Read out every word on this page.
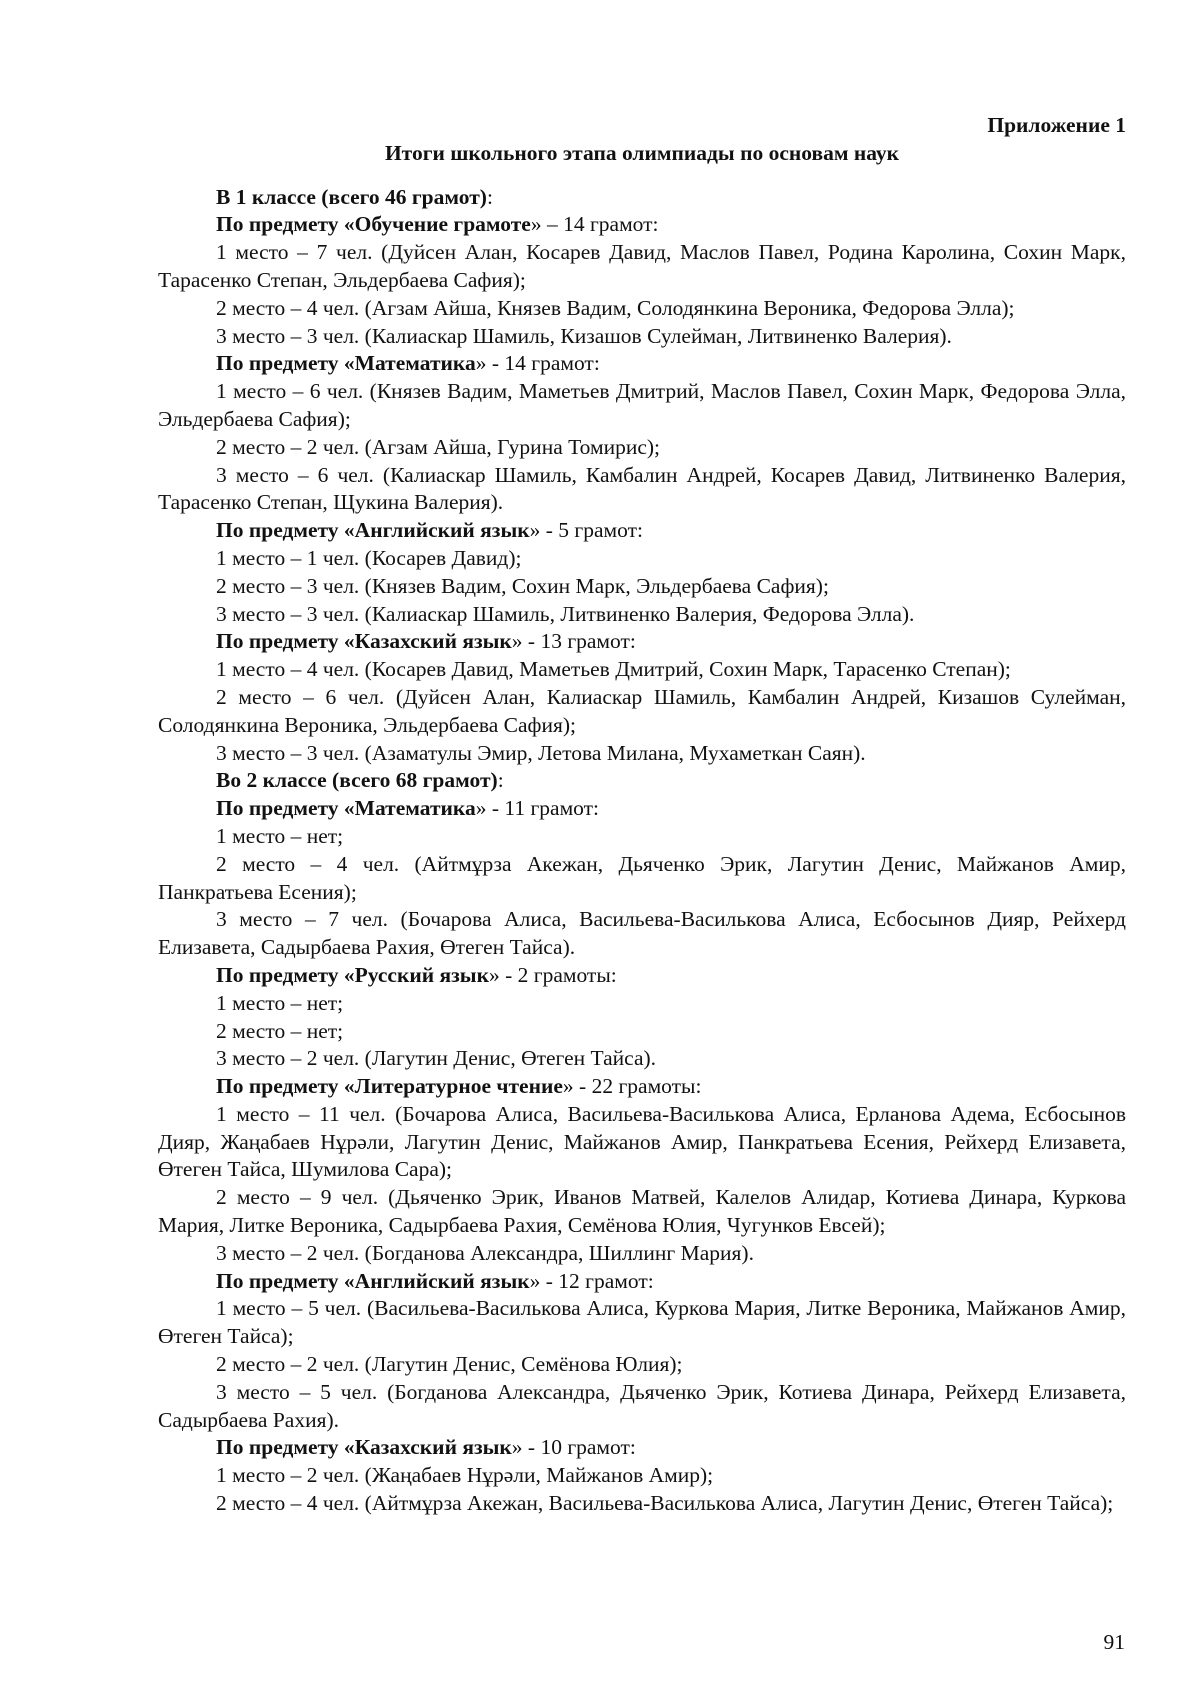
Приложение 1

Итоги школьного этапа олимпиады по основам наук

В 1 классе (всего 46 грамот):

По предмету «Обучение грамоте» – 14 грамот:

1 место – 7 чел. (Дуйсен Алан, Косарев Давид, Маслов Павел, Родина Каролина, Сохин Марк, Тарасенко Степан, Эльдербаева Сафия);

2 место – 4 чел. (Агзам Айша, Князев Вадим, Солодянкина Вероника, Федорова Элла);

3 место – 3 чел. (Калиаскар Шамиль, Кизашов Сулейман, Литвиненко Валерия).

По предмету «Математика» - 14 грамот:

1 место – 6 чел. (Князев Вадим, Маметьев Дмитрий, Маслов Павел, Сохин Марк, Федорова Элла, Эльдербаева Сафия);

2 место – 2 чел. (Агзам Айша, Гурина Томирис);

3 место – 6 чел. (Калиаскар Шамиль, Камбалин Андрей, Косарев Давид, Литвиненко Валерия, Тарасенко Степан, Щукина Валерия).

По предмету «Английский язык» - 5 грамот:

1 место – 1 чел. (Косарев Давид);

2 место – 3 чел. (Князев Вадим, Сохин Марк, Эльдербаева Сафия);

3 место – 3 чел. (Калиаскар Шамиль, Литвиненко Валерия, Федорова Элла).

По предмету «Казахский язык» - 13 грамот:

1 место – 4 чел. (Косарев Давид, Маметьев Дмитрий, Сохин Марк, Тарасенко Степан);

2 место – 6 чел. (Дуйсен Алан, Калиаскар Шамиль, Камбалин Андрей, Кизашов Сулейман, Солодянкина Вероника, Эльдербаева Сафия);

3 место – 3 чел. (Азаматулы Эмир, Летова Милана, Мухаметкан Саян).

Во 2 классе (всего 68 грамот):

По предмету «Математика» - 11 грамот:

1 место – нет;

2 место – 4 чел. (Айтмұрза Акежан, Дьяченко Эрик, Лагутин Денис, Майжанов Амир, Панкратьева Есения);

3 место – 7 чел. (Бочарова Алиса, Васильева-Василькова Алиса, Есбосынов Дияр, Рейхерд Елизавета, Садырбаева Рахия, Өтеген Тайса).

По предмету «Русский язык» - 2 грамоты:

1 место – нет;

2 место – нет;

3 место – 2 чел. (Лагутин Денис, Өтеген Тайса).

По предмету «Литературное чтение» - 22 грамоты:

1 место – 11 чел. (Бочарова Алиса, Васильева-Василькова Алиса, Ерланова Адема, Есбосынов Дияр, Жаңабаев Нұрәли, Лагутин Денис, Майжанов Амир, Панкратьева Есения, Рейхерд Елизавета, Өтеген Тайса, Шумилова Сара);

2 место – 9 чел. (Дьяченко Эрик, Иванов Матвей, Калелов Алидар, Котиева Динара, Куркова Мария, Литке Вероника, Садырбаева Рахия, Семёнова Юлия, Чугунков Евсей);

3 место – 2 чел. (Богданова Александра, Шиллинг Мария).

По предмету «Английский язык» - 12 грамот:

1 место – 5 чел. (Васильева-Василькова Алиса, Куркова Мария, Литке Вероника, Майжанов Амир, Өтеген Тайса);

2 место – 2 чел. (Лагутин Денис, Семёнова Юлия);

3 место – 5 чел. (Богданова Александра, Дьяченко Эрик, Котиева Динара, Рейхерд Елизавета, Садырбаева Рахия).

По предмету «Казахский язык» - 10 грамот:

1 место – 2 чел. (Жаңабаев Нұрәли, Майжанов Амир);

2 место – 4 чел. (Айтмұрза Акежан, Васильева-Василькова Алиса, Лагутин Денис, Өтеген Тайса);

91
